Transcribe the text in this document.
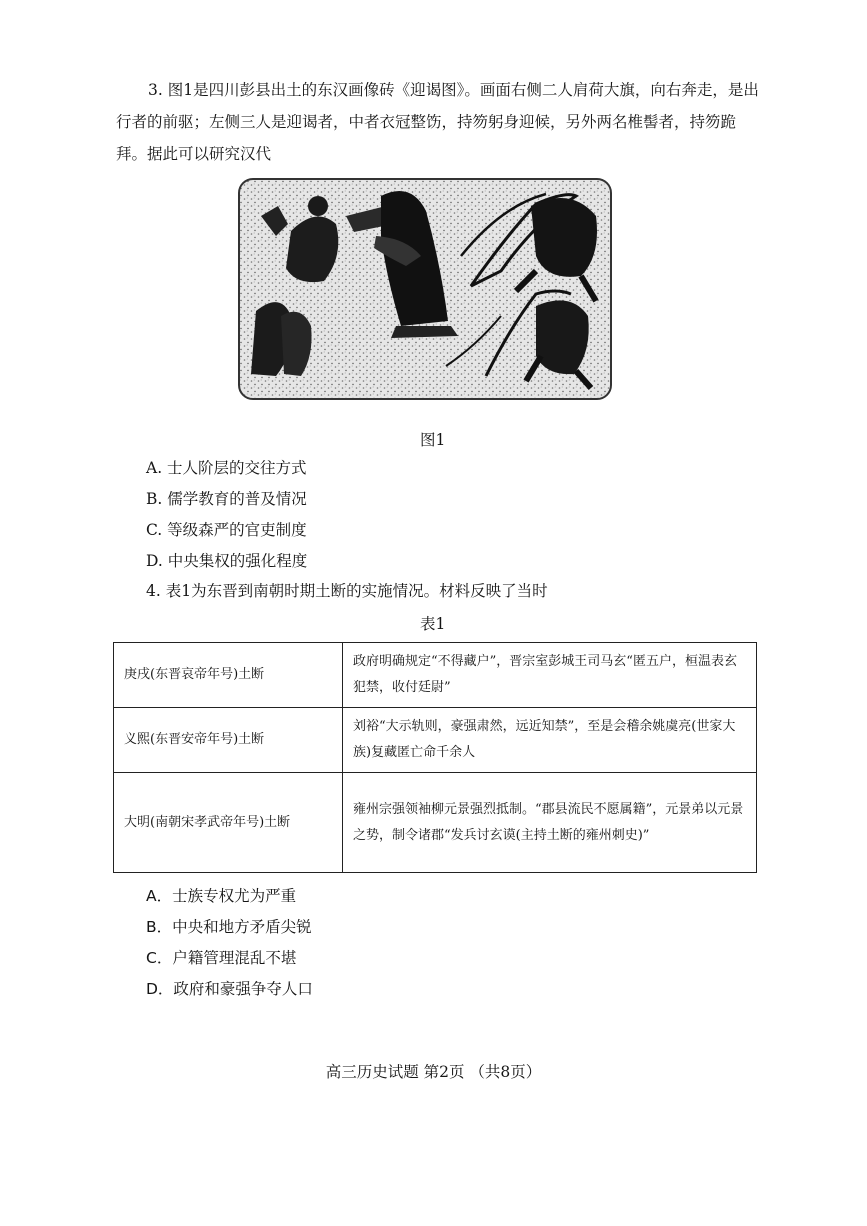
3. 图1是四川彭县出土的东汉画像砖《迎谒图》。画面右侧二人肩荷大旗，向右奔走，是出行者的前驱；左侧三人是迎谒者，中者衣冠整饬，持笏躬身迎候，另外两名椎髻者，持笏跪拜。据此可以研究汉代
图1
A. 士人阶层的交往方式
B. 儒学教育的普及情况
C. 等级森严的官吏制度
D. 中央集权的强化程度
4. 表1为东晋到南朝时期土断的实施情况。材料反映了当时
表1
庚戌(东晋哀帝年号)土断	政府明确规定“不得藏户”，晋宗室彭城王司马玄“匿五户，桓温表玄犯禁，收付廷尉”
义熙(东晋安帝年号)土断	刘裕“大示轨则，豪强肃然，远近知禁”，至是会稽余姚虞亮(世家大族)复藏匿亡命千余人
大明(南朝宋孝武帝年号)土断	雍州宗强领袖柳元景强烈抵制。“郡县流民不愿属籍”，元景弟以元景之势，制令诸郡“发兵讨玄谟(主持土断的雍州刺史)”
A．士族专权尤为严重
B．中央和地方矛盾尖锐
C．户籍管理混乱不堪
D．政府和豪强争夺人口
高三历史试题 第2页 （共8页）
